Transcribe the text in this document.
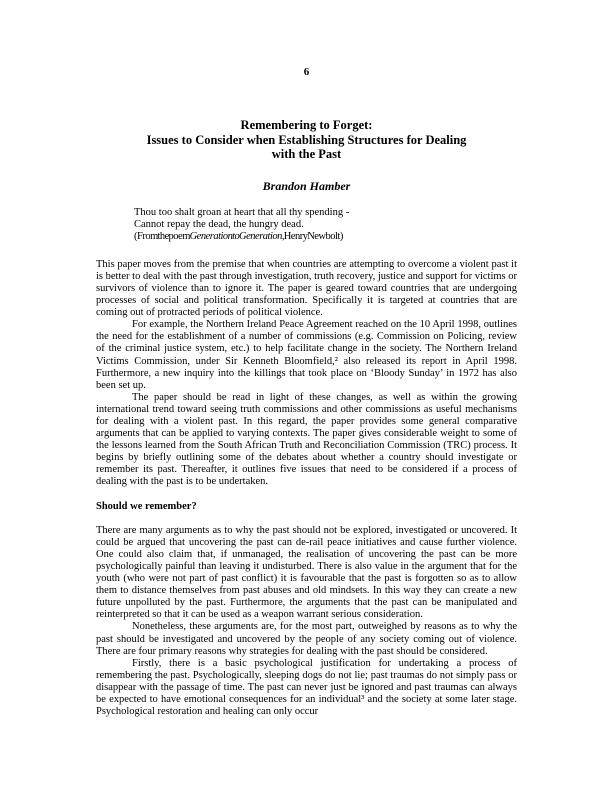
6
Remembering to Forget:
Issues to Consider when Establishing Structures for Dealing
with the Past
Brandon Hamber
Thou too shalt groan at heart that all thy spending -
Cannot repay the dead, the hungry dead.
(From the poem Generation to Generation, Henry Newbolt)

This paper moves from the premise that when countries are attempting to overcome a violent past it is better to deal with the past through investigation, truth recovery, justice and support for victims or survivors of violence than to ignore it. The paper is geared toward countries that are undergoing processes of social and political transformation. Specifically it is targeted at countries that are coming out of protracted periods of political violence.

For example, the Northern Ireland Peace Agreement reached on the 10 April 1998, outlines the need for the establishment of a number of commissions (e.g. Commission on Policing, review of the criminal justice system, etc.) to help facilitate change in the society. The Northern Ireland Victims Commission, under Sir Kenneth Bloomfield,² also released its report in April 1998. Furthermore, a new inquiry into the killings that took place on ‘Bloody Sunday’ in 1972 has also been set up.

The paper should be read in light of these changes, as well as within the growing international trend toward seeing truth commissions and other commissions as useful mechanisms for dealing with a violent past. In this regard, the paper provides some general comparative arguments that can be applied to varying contexts. The paper gives considerable weight to some of the lessons learned from the South African Truth and Reconciliation Commission (TRC) process. It begins by briefly outlining some of the debates about whether a country should investigate or remember its past. Thereafter, it outlines five issues that need to be considered if a process of dealing with the past is to be undertaken.

Should we remember?

There are many arguments as to why the past should not be explored, investigated or uncovered. It could be argued that uncovering the past can de-rail peace initiatives and cause further violence. One could also claim that, if unmanaged, the realisation of uncovering the past can be more psychologically painful than leaving it undisturbed. There is also value in the argument that for the youth (who were not part of past conflict) it is favourable that the past is forgotten so as to allow them to distance themselves from past abuses and old mindsets. In this way they can create a new future unpolluted by the past. Furthermore, the arguments that the past can be manipulated and reinterpreted so that it can be used as a weapon warrant serious consideration.

Nonetheless, these arguments are, for the most part, outweighed by reasons as to why the past should be investigated and uncovered by the people of any society coming out of violence. There are four primary reasons why strategies for dealing with the past should be considered.

Firstly, there is a basic psychological justification for undertaking a process of remembering the past. Psychologically, sleeping dogs do not lie; past traumas do not simply pass or disappear with the passage of time. The past can never just be ignored and past traumas can always be expected to have emotional consequences for an individual³ and the society at some later stage. Psychological restoration and healing can only occur
